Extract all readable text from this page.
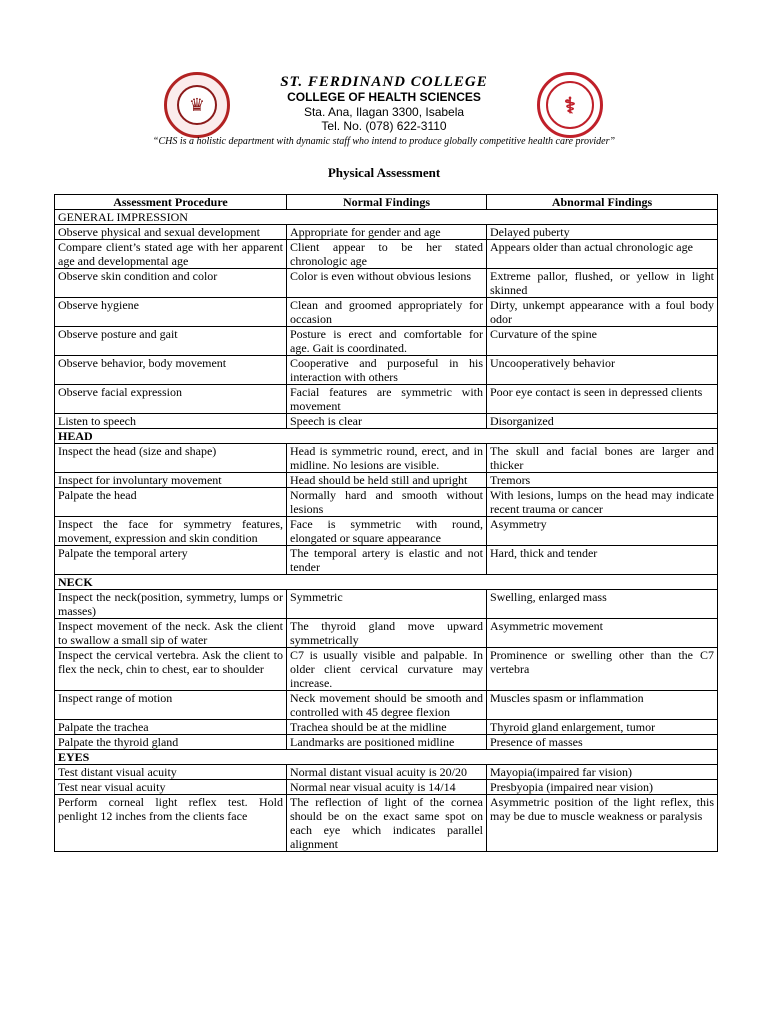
♛	⚕
ST. FERDINAND COLLEGE
COLLEGE OF HEALTH SCIENCES
Sta. Ana, Ilagan 3300, Isabela
Tel. No. (078) 622-3110
“CHS is a holistic department with dynamic staff who intend to produce globally competitive health care provider”
Physical Assessment
Assessment Procedure	Normal Findings	Abnormal Findings
GENERAL IMPRESSION		
Observe physical and sexual development	Appropriate for gender and age	Delayed puberty
Compare client’s stated age with her apparent age and developmental age	Client appear to be her stated chronologic age	Appears older than actual chronologic age
Observe skin condition and color	Color is even without obvious lesions	Extreme pallor, flushed, or yellow in light skinned
Observe hygiene	Clean and groomed appropriately for occasion	Dirty, unkempt appearance with a foul body odor
Observe posture and gait	Posture is erect and comfortable for age. Gait is coordinated.	Curvature of the spine
Observe behavior, body movement	Cooperative and purposeful in his interaction with others	Uncooperatively behavior
Observe facial expression	Facial features are symmetric with movement	Poor eye contact is seen in depressed clients
Listen to speech	Speech is clear	Disorganized
HEAD		
Inspect the head (size and shape)	Head is symmetric round, erect, and in midline. No lesions are visible.	The skull and facial bones are larger and thicker
Inspect for involuntary movement	Head should be held still and upright	Tremors
Palpate the head	Normally hard and smooth without lesions	With lesions, lumps on the head may indicate recent trauma or cancer
Inspect the face for symmetry features, movement, expression and skin condition	Face is symmetric with round, elongated or square appearance	Asymmetry
Palpate the temporal artery	The temporal artery is elastic and not tender	Hard, thick and tender
NECK		
Inspect the neck(position, symmetry, lumps or masses)	Symmetric	Swelling, enlarged mass
Inspect movement of the neck. Ask the client to swallow a small sip of water	The thyroid gland move upward symmetrically	Asymmetric movement
Inspect the cervical vertebra. Ask the client to flex the neck, chin to chest, ear to shoulder	C7 is usually visible and palpable. In older client cervical curvature may increase.	Prominence or swelling other than the C7 vertebra
Inspect range of motion	Neck movement should be smooth and controlled with 45 degree flexion	Muscles spasm or inflammation
Palpate the trachea	Trachea should be at the midline	Thyroid gland enlargement, tumor
Palpate the thyroid gland	Landmarks are positioned midline	Presence of masses
EYES		
Test distant visual acuity	Normal distant visual acuity is 20/20	Mayopia(impaired far vision)
Test near visual acuity	Normal near visual acuity is 14/14	Presbyopia (impaired near vision)
Perform corneal light reflex test. Hold penlight 12 inches from the clients face	The reflection of light of the cornea should be on the exact same spot on each eye which indicates parallel alignment	Asymmetric position of the light reflex, this may be due to muscle weakness or paralysis
